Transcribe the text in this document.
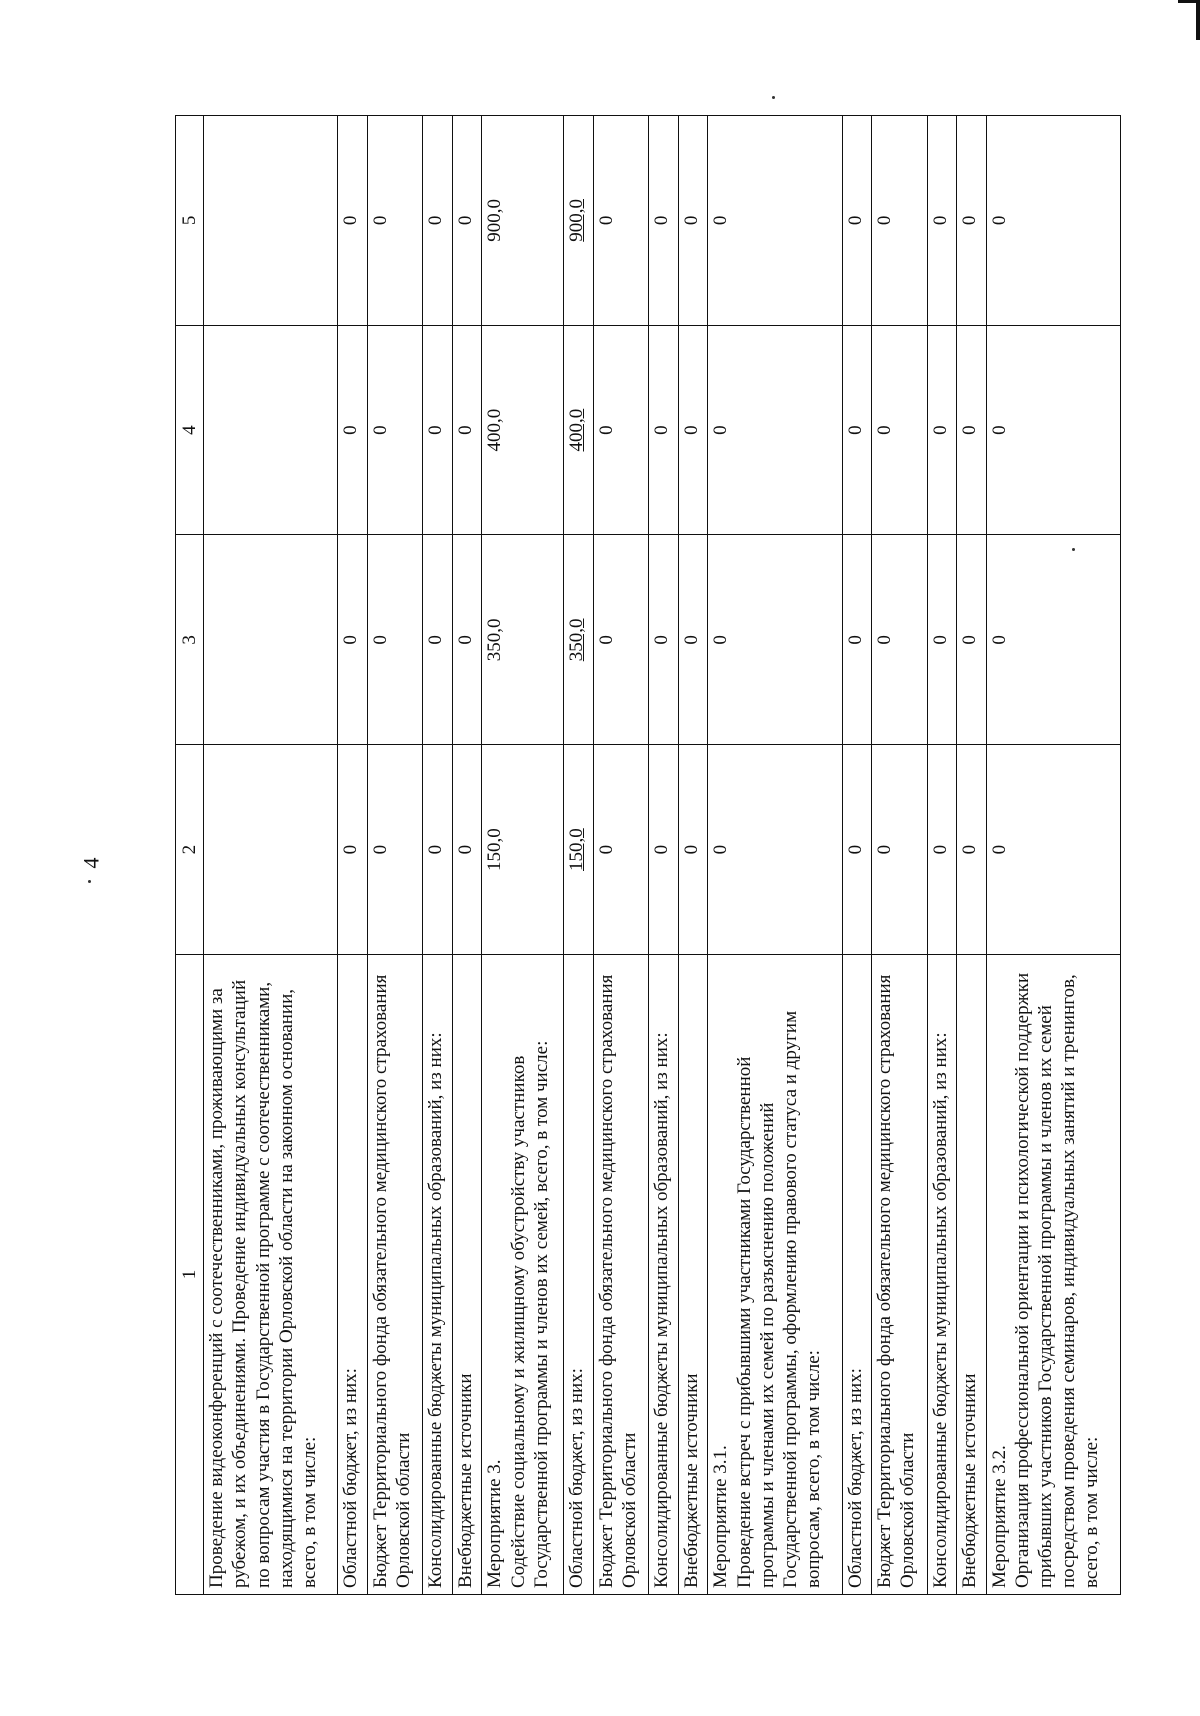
4
1	2	3	4	5
Проведение видеоконференций с соотечественниками, проживающими за рубежом, и их объединениями. Проведение индивидуальных консультаций по вопросам участия в Государственной программе с соотечественниками, находящимися на территории Орловской области на законном основании, всего, в том числе:				
Областной бюджет, из них:	0	0	0	0
Бюджет Территориального фонда обязательного медицинского страхования Орловской области	0	0	0	0
Консолидированные бюджеты муниципальных образований, из них:	0	0	0	0
Внебюджетные источники	0	0	0	0
Мероприятие 3.
Содействие социальному и жилищному обустройству участников Государственной программы и членов их семей, всего, в том числе:	150,0	350,0	400,0	900,0
Областной бюджет, из них:	150,0	350,0	400,0	900,0
Бюджет Территориального фонда обязательного медицинского страхования Орловской области	0	0	0	0
Консолидированные бюджеты муниципальных образований, из них:	0	0	0	0
Внебюджетные источники	0	0	0	0
Мероприятие 3.1.
Проведение встреч с прибывшими участниками Государственной программы и членами их семей по разъяснению положений Государственной программы, оформлению правового статуса и другим вопросам, всего, в том числе:	0	0	0	0
Областной бюджет, из них:	0	0	0	0
Бюджет Территориального фонда обязательного медицинского страхования Орловской области	0	0	0	0
Консолидированные бюджеты муниципальных образований, из них:	0	0	0	0
Внебюджетные источники	0	0	0	0
Мероприятие 3.2.
Организация профессиональной ориентации и психологической поддержки прибывших участников Государственной программы и членов их семей посредством проведения семинаров, индивидуальных занятий и тренингов, всего, в том числе:	0	0	0	0
